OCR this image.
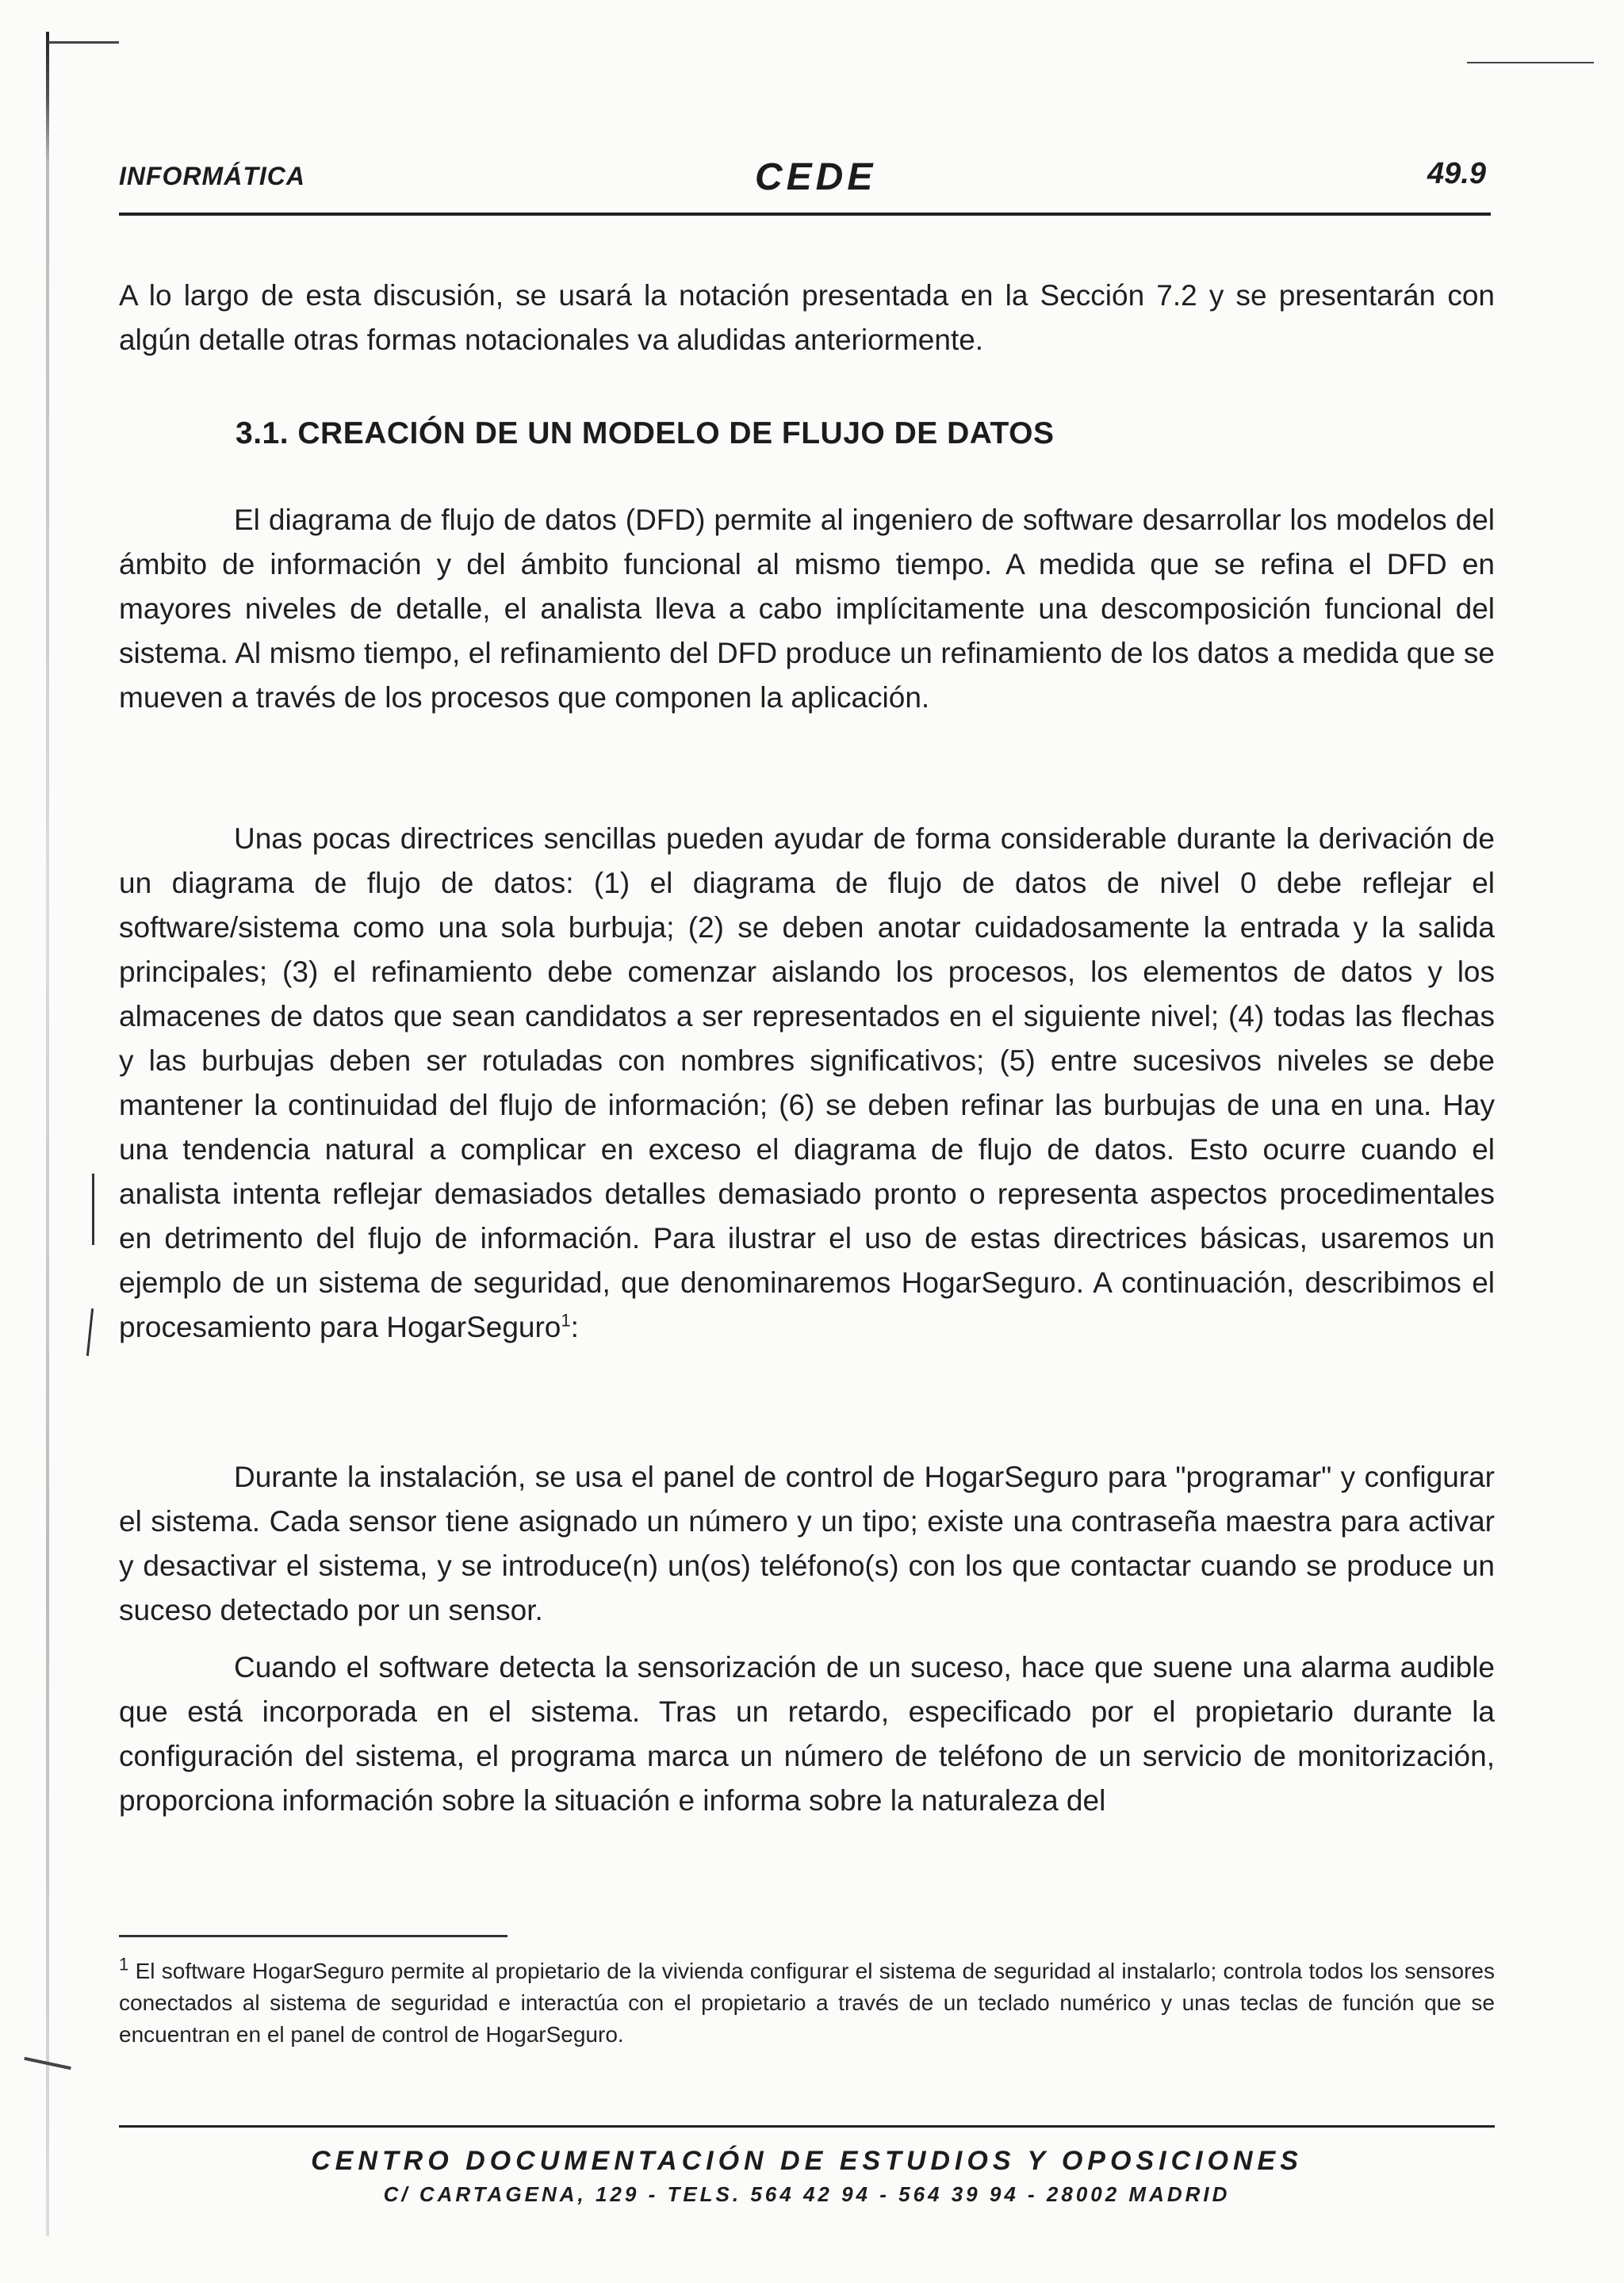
INFORMÁTICA	CEDE	49.9
A lo largo de esta discusión, se usará la notación presentada en la Sección 7.2 y se presentarán con algún detalle otras formas notacionales va aludidas anteriormente.
3.1. CREACIÓN DE UN MODELO DE FLUJO DE DATOS
El diagrama de flujo de datos (DFD) permite al ingeniero de software desarrollar los modelos del ámbito de información y del ámbito funcional al mismo tiempo. A medida que se refina el DFD en mayores niveles de detalle, el analista lleva a cabo implícitamente una descomposición funcional del sistema. Al mismo tiempo, el refinamiento del DFD produce un refinamiento de los datos a medida que se mueven a través de los procesos que componen la aplicación.
Unas pocas directrices sencillas pueden ayudar de forma considerable durante la derivación de un diagrama de flujo de datos: (1) el diagrama de flujo de datos de nivel 0 debe reflejar el software/sistema como una sola burbuja; (2) se deben anotar cuidadosamente la entrada y la salida principales; (3) el refinamiento debe comenzar aislando los procesos, los elementos de datos y los almacenes de datos que sean candidatos a ser representados en el siguiente nivel; (4) todas las flechas y las burbujas deben ser rotuladas con nombres significativos; (5) entre sucesivos niveles se debe mantener la continuidad del flujo de información; (6) se deben refinar las burbujas de una en una. Hay una tendencia natural a complicar en exceso el diagrama de flujo de datos. Esto ocurre cuando el analista intenta reflejar demasiados detalles demasiado pronto o representa aspectos procedimentales en detrimento del flujo de información. Para ilustrar el uso de estas directrices básicas, usaremos un ejemplo de un sistema de seguridad, que denominaremos HogarSeguro. A continuación, describimos el procesamiento para HogarSeguro$^1$:
Durante la instalación, se usa el panel de control de HogarSeguro para "programar" y configurar el sistema. Cada sensor tiene asignado un número y un tipo; existe una contraseña maestra para activar y desactivar el sistema, y se introduce(n) un(os) teléfono(s) con los que contactar cuando se produce un suceso detectado por un sensor.
Cuando el software detecta la sensorización de un suceso, hace que suene una alarma audible que está incorporada en el sistema. Tras un retardo, especificado por el propietario durante la configuración del sistema, el programa marca un número de teléfono de un servicio de monitorización, proporciona información sobre la situación e informa sobre la naturaleza del
$^1$ El software HogarSeguro permite al propietario de la vivienda configurar el sistema de seguridad al instalarlo; controla todos los sensores conectados al sistema de seguridad e interactúa con el propietario a través de un teclado numérico y unas teclas de función que se encuentran en el panel de control de HogarSeguro.
CENTRO DOCUMENTACIÓN DE ESTUDIOS Y OPOSICIONES
C/ CARTAGENA, 129 - TELS. 564 42 94 - 564 39 94 - 28002 MADRID
